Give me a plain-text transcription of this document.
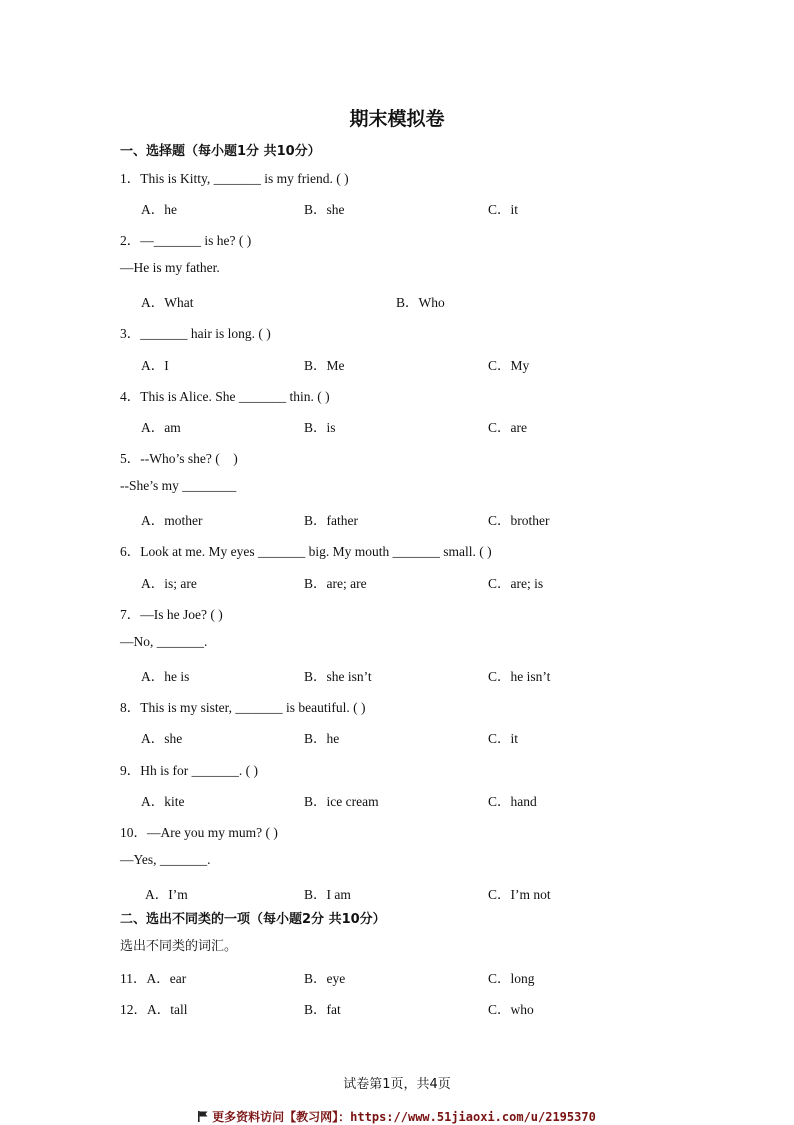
期末模拟卷
一、选择题（每小题1分 共10分）
1．This is Kitty, _______ is my friend. ( )
A．he	B．she	C．it
2．—_______ is he? ( )
—He is my father.
A．What	B．Who
3．_______ hair is long. ( )
A．I	B．Me	C．My
4．This is Alice. She _______ thin. ( )
A．am	B．is	C．are
5．--Who’s she? (　)
--She’s my ________
A．mother	B．father	C．brother
6．Look at me. My eyes _______ big. My mouth _______ small. ( )
A．is; are	B．are; are	C．are; is
7．—Is he Joe? ( )
—No, _______.
A．he is	B．she isn’t	C．he isn’t
8．This is my sister, _______ is beautiful. ( )
A．she	B．he	C．it
9．Hh is for _______. ( )
A．kite	B．ice cream	C．hand
10．—Are you my mum? ( )
—Yes, _______.
A．I’m	B．I am	C．I’m not
二、选出不同类的一项（每小题2分 共10分）
选出不同类的词汇。
11．A．ear	B．eye	C．long
12．A．tall	B．fat	C．who
试卷第1页，共4页
更多资料访问【教习网】：https://www.51jiaoxi.com/u/2195370
